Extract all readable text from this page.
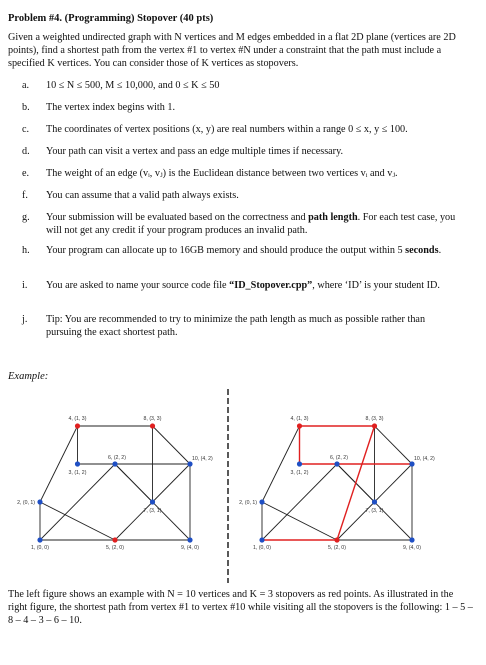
Problem #4. (Programming) Stopover (40 pts)
Given a weighted undirected graph with N vertices and M edges embedded in a flat 2D plane (vertices are 2D points), find a shortest path from the vertex #1 to vertex #N under a constraint that the path must include a specified K vertices. You can consider those of K vertices as stopovers.
a.	10 ≤ N ≤ 500, M ≤ 10,000, and 0 ≤ K ≤ 50
b.	The vertex index begins with 1.
c.	The coordinates of vertex positions (x, y) are real numbers within a range 0 ≤ x, y ≤ 100.
d.	Your path can visit a vertex and pass an edge multiple times if necessary.
e.	The weight of an edge (vᵢ, vⱼ) is the Euclidean distance between two vertices vᵢ and vⱼ.
f.	You can assume that a valid path always exists.
g.	Your submission will be evaluated based on the correctness and path length. For each test case, you will not get any credit if your program produces an invalid path.
h.	Your program can allocate up to 16GB memory and should produce the output within 5 seconds.
i.	You are asked to name your source code file “ID_Stopover.cpp”, where ‘ID’ is your student ID.
j.	Tip: You are recommended to try to minimize the path length as much as possible rather than pursuing the exact shortest path.
Example:
1, (0, 0)
2, (0, 1)
3, (1, 2)
4, (1, 3)
5, (2, 0)
6, (2, 2)
7, (3, 1)
8, (3, 3)
9, (4, 0)
10, (4, 2)
1, (0, 0)
2, (0, 1)
3, (1, 2)
4, (1, 3)
5, (2, 0)
6, (2, 2)
7, (3, 1)
8, (3, 3)
9, (4, 0)
10, (4, 2)
The left figure shows an example with N = 10 vertices and K = 3 stopovers as red points. As illustrated in the right figure, the shortest path from vertex #1 to vertex #10 while visiting all the stopovers is the following: 1 – 5 – 8 – 4 – 3 – 6 – 10.
